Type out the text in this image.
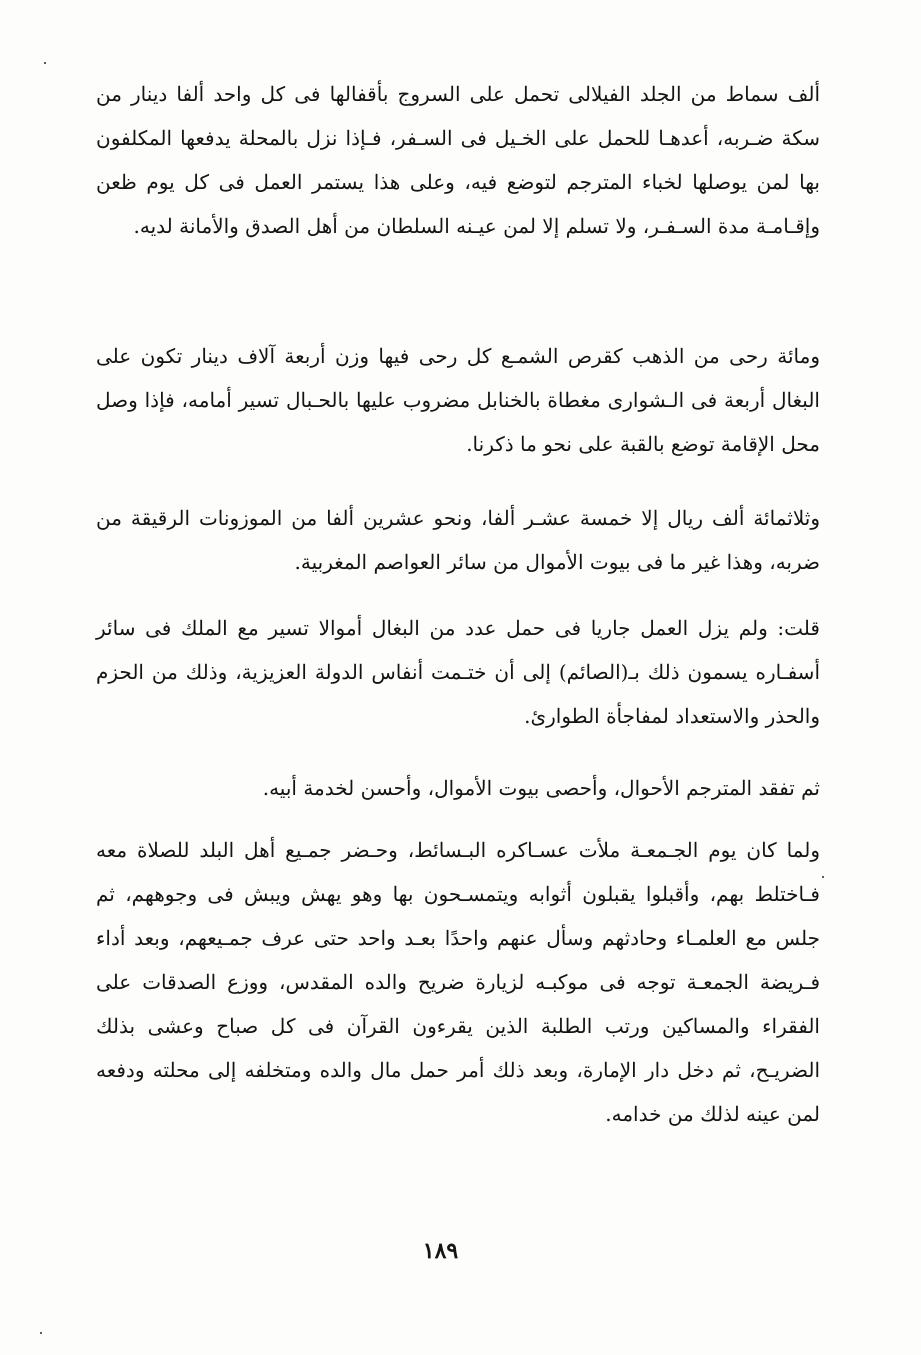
ألف سماط من الجلد الفيلالى تحمل على السروج بأقفالها فى كل واحد ألفا دينار من سكة ضـربه، أعدهـا للحمل على الخـيل فى السـفر، فـإذا نزل بالمحلة يدفعها المكلفون بها لمن يوصلها لخباء المترجم لتوضع فيه، وعلى هذا يستمر العمل فى كل يوم ظعن وإقـامـة مدة السـفـر، ولا تسلم إلا لمن عيـنه السلطان من أهل الصدق والأمانة لديه.

ومائة رحى من الذهب كقرص الشمـع كل رحى فيها وزن أربعة آلاف دينار تكون على البغال أربعة فى الـشوارى مغطاة بالخنابل مضروب عليها بالحـبال تسير أمامه، فإذا وصل محل الإقامة توضع بالقبة على نحو ما ذكرنا.

وثلاثمائة ألف ريال إلا خمسة عشـر ألفا، ونحو عشرين ألفا من الموزونات الرقيقة من ضربه، وهذا غير ما فى بيوت الأموال من سائر العواصم المغربية.

قلت: ولم يزل العمل جاريا فى حمل عدد من البغال أموالا تسير مع الملك فى سائر أسفـاره يسمون ذلك بـ(الصائم) إلى أن ختـمت أنفاس الدولة العزيزية، وذلك من الحزم والحذر والاستعداد لمفاجأة الطوارئ.

ثم تفقد المترجم الأحوال، وأحصى بيوت الأموال، وأحسن لخدمة أبيه.

ولما كان يوم الجـمعـة ملأت عسـاكره البـسائط، وحـضر جمـيع أهل البلد للصلاة معه فـاختلط بهم، وأقبلوا يقبلون أثوابه ويتمسـحون بها وهو يهش ويبش فى وجوههم، ثم جلس مع العلمـاء وحادثهم وسأل عنهم واحدًا بعـد واحد حتى عرف جمـيعهم، وبعد أداء فـريضة الجمعـة توجه فى موكبـه لزيارة ضريح والده المقدس، ووزع الصدقات على الفقراء والمساكين ورتب الطلبة الذين يقرءون القرآن فى كل صباح وعشى بذلك الضريـح، ثم دخل دار الإمارة، وبعد ذلك أمر حمل مال والده ومتخلفه إلى محلته ودفعه لمن عينه لذلك من خدامه.

١٨٩
